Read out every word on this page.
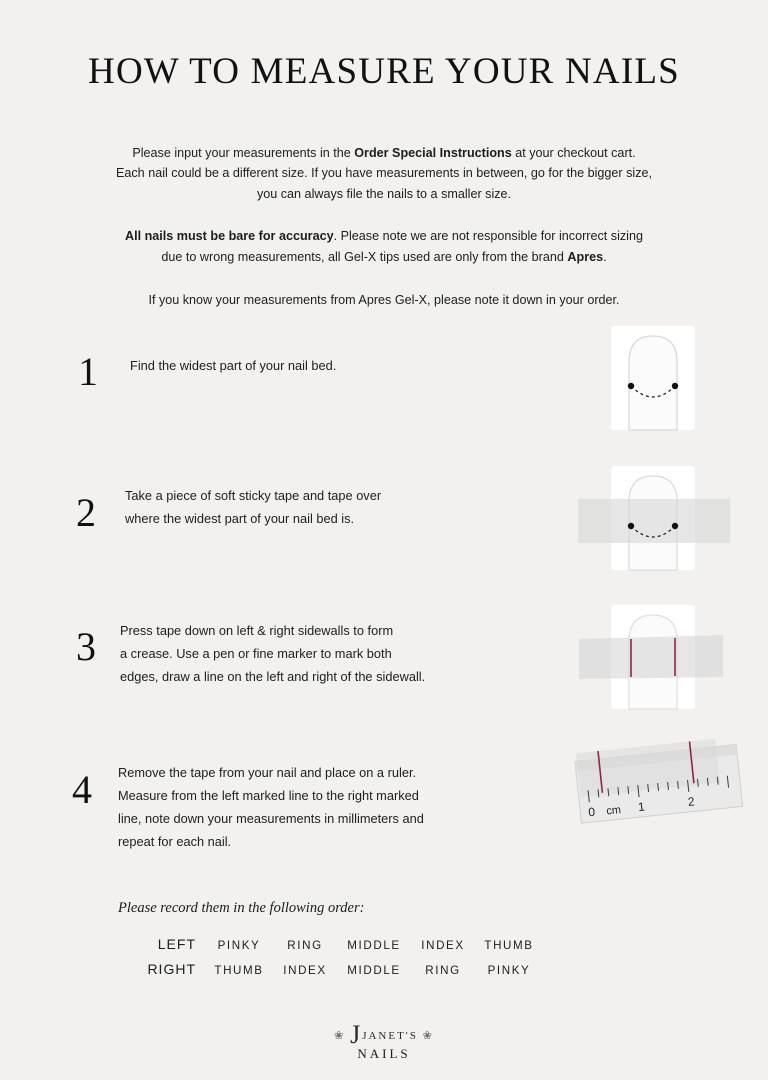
HOW TO MEASURE YOUR NAILS

Please input your measurements in the Order Special Instructions at your checkout cart.
Each nail could be a different size. If you have measurements in between, go for the bigger size,
you can always file the nails to a smaller size.

All nails must be bare for accuracy. Please note we are not responsible for incorrect sizing
due to wrong measurements, all Gel-X tips used are only from the brand Apres.

If you know your measurements from Apres Gel-X, please note it down in your order.

1	Find the widest part of your nail bed.
2 Take a piece of soft sticky tape and tape over
where the widest part of your nail bed is.
3 Press tape down on left & right sidewalls to form
a crease. Use a pen or fine marker to mark both
edges, draw a line on the left and right of the sidewall.
4 Remove the tape from your nail and place on a ruler.
Measure from the left marked line to the right marked
line, note down your measurements in millimeters and
repeat for each nail.
0 cm 1	2
Please record them in the following order:
LEFT	PINKY	RING	MIDDLE	INDEX	THUMB
RIGHT	THUMB	INDEX	MIDDLE	RING	PINKY
❀ JJANET'S ❀
NAILS
